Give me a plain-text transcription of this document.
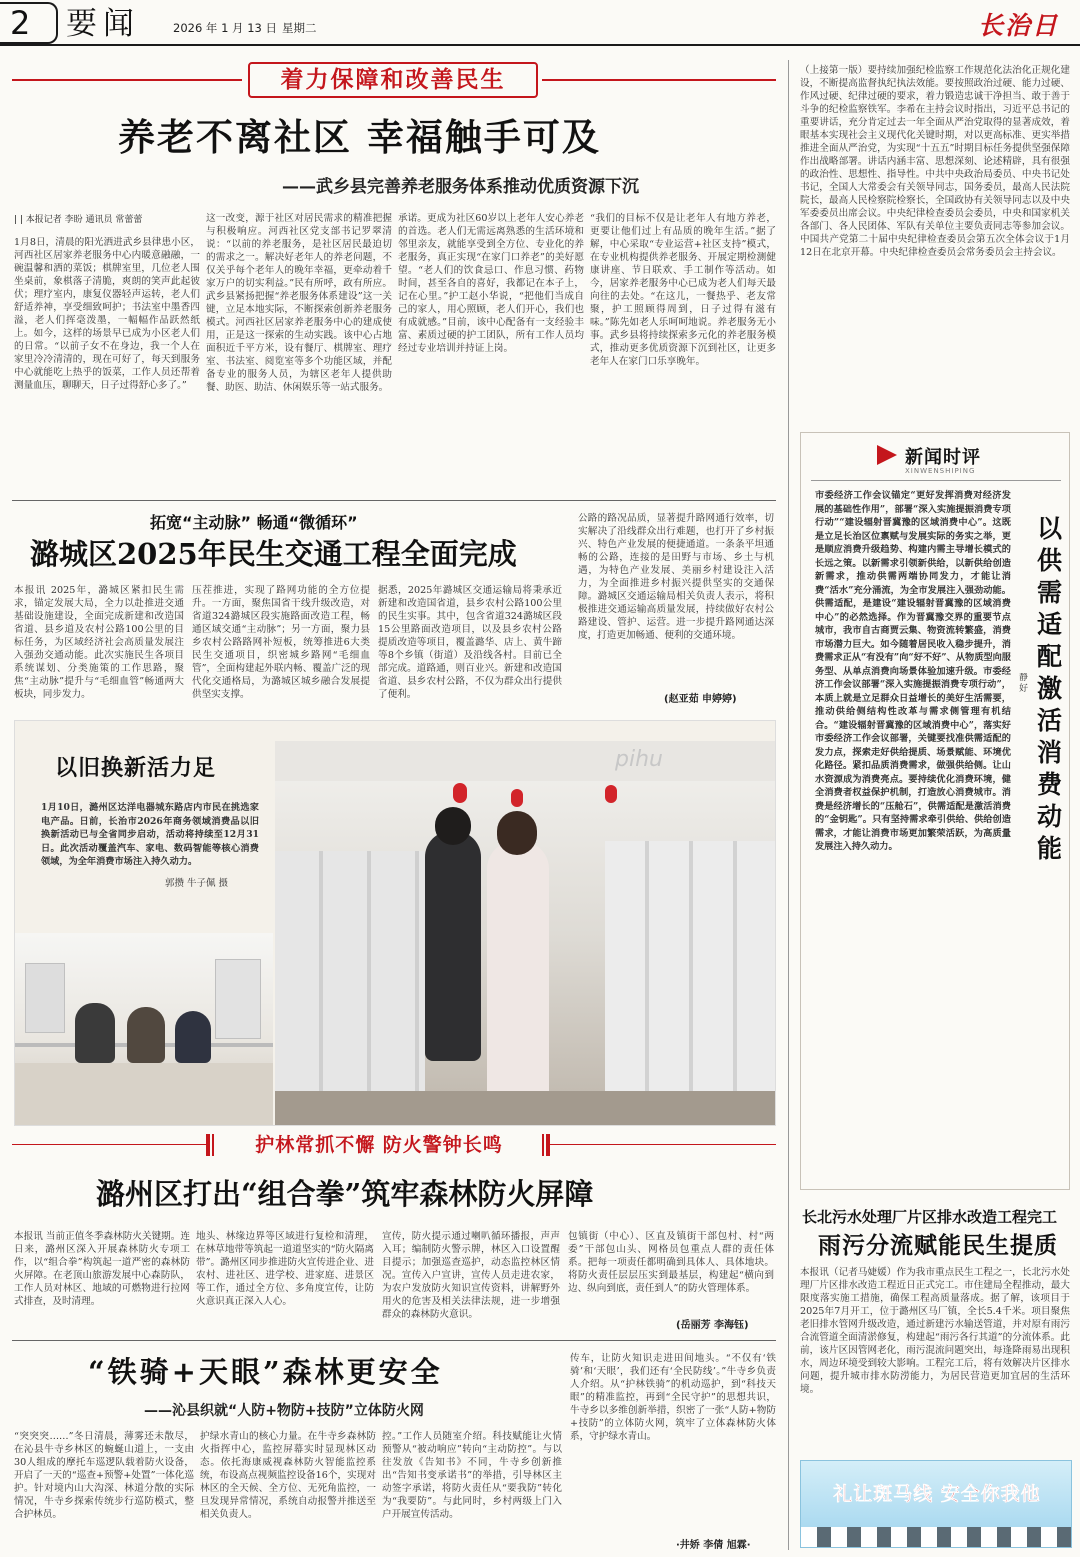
2 要闻	2026 年 1 月 13 日 星期二	长治日
着力保障和改善民生
养老不离社区 幸福触手可及
——武乡县完善养老服务体系推动优质资源下沉
| | 本报记者 李盼 通讯员 常蕾蕾
1月8日，清晨的阳光洒进武乡县律患小区，河西社区居家养老服务中心内暖意融融，一碗温馨和洒的菜饭；棋牌室里，几位老人围坐桌前，象棋落子清脆，爽朗的笑声此起彼伏；理疗室内，康复仪器轻声运转，老人们舒适养神，享受细致呵护；书法室中墨香四溢，老人们挥毫泼墨，一幅幅作品跃然纸上。如今，这样的场景早已成为小区老人们的日常。“以前子女不在身边，我一个人在家里冷冷清清的，现在可好了，每天到服务中心就能吃上热乎的饭菜，工作人员还帮着测量血压，聊聊天，日子过得舒心多了。”
这一改变，源于社区对居民需求的精准把握与积极响应。河西社区党支部书记罗翠清说：“以前的养老服务，是社区居民最迫切的需求之一。解决好老年人的养老问题，不仅关乎每个老年人的晚年幸福，更牵动着千家万户的切实利益。”民有所呼，政有所应。武乡县紧扬把握“养老服务体系建设”这一关键，立足本地实际，不断探索创新养老服务模式。河西社区居家养老服务中心的建成使用，正是这一探索的生动实践。该中心占地面积近千平方米，设有餐厅、棋牌室、理疗室、书法室、阅览室等多个功能区域，并配备专业的服务人员，为辖区老年人提供助餐、助医、助洁、休闲娱乐等一站式服务。
承诺。更成为社区60岁以上老年人安心养老的首选。老人们无需远离熟悉的生活环境和邻里亲友，就能享受到全方位、专业化的养老服务，真正实现“在家门口养老”的美好愿望。“老人们的饮食忌口、作息习惯、药物时间，甚至各自的喜好，我都记在本子上，记在心里。”护工赵小华说，“把他们当成自己的家人，用心照顾，老人们开心，我们也有成就感。”目前，该中心配备有一支经验丰富、素质过硬的护工团队，所有工作人员均经过专业培训并持证上岗。
“我们的目标不仅是让老年人有地方养老，更要让他们过上有品质的晚年生活。”据了解，中心采取“专业运营+社区支持”模式，在专业机构提供养老服务、开展定期检测健康讲座、节日联欢、手工制作等活动。如今，居家养老服务中心已成为老人们每天最向往的去处。“在这儿，一餐热乎、老友常聚，护工照顾得周到，日子过得有滋有味。”陈先如老人乐呵呵地说。养老服务无小事。武乡县将持续探索多元化的养老服务模式，推动更多优质资源下沉到社区，让更多老年人在家门口乐享晚年。
拓宽“主动脉” 畅通“微循环”
潞城区2025年民生交通工程全面完成
本报讯 2025年，潞城区紧扣民生需求，锚定发展大局，全力以赴推进交通基础设施建设，全面完成新建和改造国省道、县乡道及农村公路100公里的目标任务，为区域经济社会高质量发展注入强劲交通动能。此次实施民生各项目系统谋划、分类施策的工作思路，聚焦“主动脉”提升与“毛细血管”畅通两大板块，同步发力。
压茬推进，实现了路网功能的全方位提升。一方面，聚焦国省干线升级改造，对省道324潞城区段实施路面改造工程，畅通区域交通“主动脉”；另一方面，聚力县乡农村公路路网补短板，统筹推进6大类民生交通项目，织密城乡路网“毛细血管”，全面构建起外联内畅、覆盖广泛的现代化交通格局，为潞城区城乡融合发展提供坚实支撑。
据悉，2025年潞城区交通运输局将秉承近新建和改造国省道，县乡农村公路100公里的民生实事。其中，包含省道324潞城区段15公里路面改造项目，以及县乡农村公路提质改造等项目，覆盖潞华、店上、黄牛蹄等8个乡镇（街道）及沿线各村。目前已全部完成。道路通，则百业兴。新建和改造国省道、县乡农村公路，不仅为群众出行提供了便利。
公路的路况品质，显著提升路网通行效率，切实解决了沿线群众出行难题，也打开了乡村振兴、特色产业发展的便捷通道。一条条平坦通畅的公路，连接的是田野与市场、乡土与机遇，为特色产业发展、美丽乡村建设注入活力，为全面推进乡村振兴提供坚实的交通保障。潞城区交通运输局相关负责人表示，将积极推进交通运输高质量发展，持续做好农村公路建设、管护、运营。进一步提升路网通达深度，打造更加畅通、便利的交通环境。
(赵亚茹 申婷婷)
以旧换新活力足
1月10日，潞州区达洋电器城东路店内市民在挑选家电产品。日前，长治市2026年商务领域消费品以旧换新活动已与全省同步启动，活动将持续至12月31日。此次活动覆盖汽车、家电、数码智能等核心消费领域，为全年消费市场注入持久动力。
郭攒 牛子佩 摄
pihu
护林常抓不懈 防火警钟长鸣
潞州区打出“组合拳”筑牢森林防火屏障
本报讯 当前正值冬季森林防火关键期。连日来，潞州区深入开展森林防火专项工作，以“组合拳”构筑起一道严密的森林防火屏障。在老顶山旅游发展中心森防队，工作人员对林区、地域的可燃物进行拉网式排查，及时清理。
地头、林缘边界等区域进行复检和清理，在林草地带等筑起一道道坚实的“防火隔离带”。潞州区同步推进防火宣传进企业、进农村、进社区、进学校、进家庭、进景区等工作，通过全方位、多角度宣传，让防火意识真正深入人心。
宣传，防火提示通过喇叭循环播报，声声入耳；编制防火警示牌，林区入口设置醒目提示；加强巡查巡护，动态监控林区情况。宣传入户宣讲，宣传人员走进农家，为农户发放防火知识宣传资料，讲解野外用火的危害及相关法律法规，进一步增强群众的森林防火意识。
包镇街（中心）、区直及镇街干部包村、村“两委”干部包山头、网格员包重点人群的责任体系。把每一项责任都明确到具体人、具体地块。将防火责任层层压实到最基层，构建起“横向到边、纵向到底，责任到人”的防火管理体系。
(岳丽芳 李海钰)
“铁骑+天眼”森林更安全
——沁县织就“人防+物防+技防”立体防火网
“突突突……”冬日清晨，薄雾还未散尽，在沁县牛寺乡林区的蜿蜒山道上，一支由30人组成的摩托车巡逻队载着防火设备，开启了一天的“巡查+预警+处置”一体化巡护。针对境内山大沟深、林道分散的实际情况，牛寺乡探索传统步行巡防模式，整合护林员。
护绿水青山的核心力量。在牛寺乡森林防火指挥中心，监控屏幕实时显现林区动态。依托海康威视森林防火智能监控系统，布设高点视频监控设备16个，实现对林区的全天候、全方位、无死角监控，一旦发现异常情况，系统自动报警并推送至相关负责人。
控。”工作人员随室介绍。科技赋能让火情预警从“被动响应”转向“主动防控”。与以往发放《告知书》不同，牛寺乡创新推出“告知书变承诺书”的举措，引导林区主动签字承诺，将防火责任从“要我防”转化为“我要防”。与此同时，乡村两级上门入户开展宣传活动。
传车，让防火知识走进田间地头。“不仅有‘铁骑’和‘天眼’，我们还有‘全民防线’。”牛寺乡负责人介绍。从“护林铁骑”的机动巡护，到“科技天眼”的精准监控，再到“全民守护”的思想共识，牛寺乡以多维创新举措，织密了一张“人防+物防+技防”的立体防火网，筑牢了立体森林防火体系，守护绿水青山。
·井娇 李倩 旭霖·
（上接第一版）要持续加强纪检监察工作规范化法治化正规化建设，不断提高监督执纪执法效能。要按照政治过硬、能力过硬、作风过硬、纪律过硬的要求，着力锻造忠诚干净担当、敢于善于斗争的纪检监察铁军。李希在主持会议时指出，习近平总书记的重要讲话，充分肯定过去一年全面从严治党取得的显著成效，着眼基本实现社会主义现代化关键时期，对以更高标准、更实举措推进全面从严治党，为实现“十五五”时期目标任务提供坚强保障作出战略部署。讲话内涵丰富、思想深刻、论述精辟，具有很强的政治性、思想性、指导性。中共中央政治局委员、中央书记处书记，全国人大常委会有关领导同志，国务委员，最高人民法院院长，最高人民检察院检察长，全国政协有关领导同志以及中央军委委员出席会议。中央纪律检查委员会委员，中央和国家机关各部门、各人民团体、军队有关单位主要负责同志等参加会议。中国共产党第二十届中央纪律检查委员会第五次全体会议于1月12日在北京开幕。中央纪律检查委员会常务委员会主持会议。
新闻时评
XINWENSHIPING
市委经济工作会议锚定“更好发挥消费对经济发展的基础性作用”，部署“深入实施提振消费专项行动”“建设辐射晋冀豫的区域消费中心”。这既是立足长治区位禀赋与发展实际的务实之举，更是顺应消费升级趋势、构建内需主导增长模式的长远之策。以新需求引领新供给，以新供给创造新需求，推动供需两端协同发力，才能让消费“活水”充分涌流，为全市发展注入强劲动能。供需适配，是建设“建设辐射晋冀豫的区域消费中心”的必然选择。作为晋冀豫交界的重要节点城市，我市自古商贾云集、物资流转繁盛，消费市场潜力巨大。如今随着居民收入稳步提升，消费需求正从“有没有”向“好不好”、从物质型向服务型、从单点消费向场景体验加速升级。市委经济工作会议部署“深入实施提振消费专项行动”，本质上就是立足群众日益增长的美好生活需要，推动供给侧结构性改革与需求侧管理有机结合。“建设辐射晋冀豫的区域消费中心”，落实好市委经济工作会议部署，关键要找准供需适配的发力点，探索走好供给提质、场景赋能、环境优化路径。紧扣品质消费需求，做强供给侧。让山水资源成为消费亮点。要持续优化消费环境，健全消费者权益保护机制，打造放心消费城市。消费是经济增长的“压舱石”，供需适配是激活消费的“金钥匙”。只有坚持需求牵引供给、供给创造需求，才能让消费市场更加繁荣活跃，为高质量发展注入持久动力。
以供需适配激活消费动能
静好
长北污水处理厂片区排水改造工程完工
雨污分流赋能民生提质
本报讯（记者马婕媛）作为我市重点民生工程之一，长北污水处理厂片区排水改造工程近日正式完工。市住建局全程推动，最大限度落实施工措施，确保工程高质量落成。据了解，该项目于2025年7月开工，位于潞州区马厂镇，全长5.4千米。项目聚焦老旧排水管网升级改造，通过新建污水输送管道，并对原有雨污合流管道全面清淤修复，构建起“雨污各行其道”的分流体系。此前，该片区因管网老化，雨污混流问题突出，每逢降雨易出现积水，周边环境受到较大影响。工程完工后，将有效解决片区排水问题，提升城市排水防涝能力，为居民营造更加宜居的生活环境。
礼让斑马线 安全你我他
